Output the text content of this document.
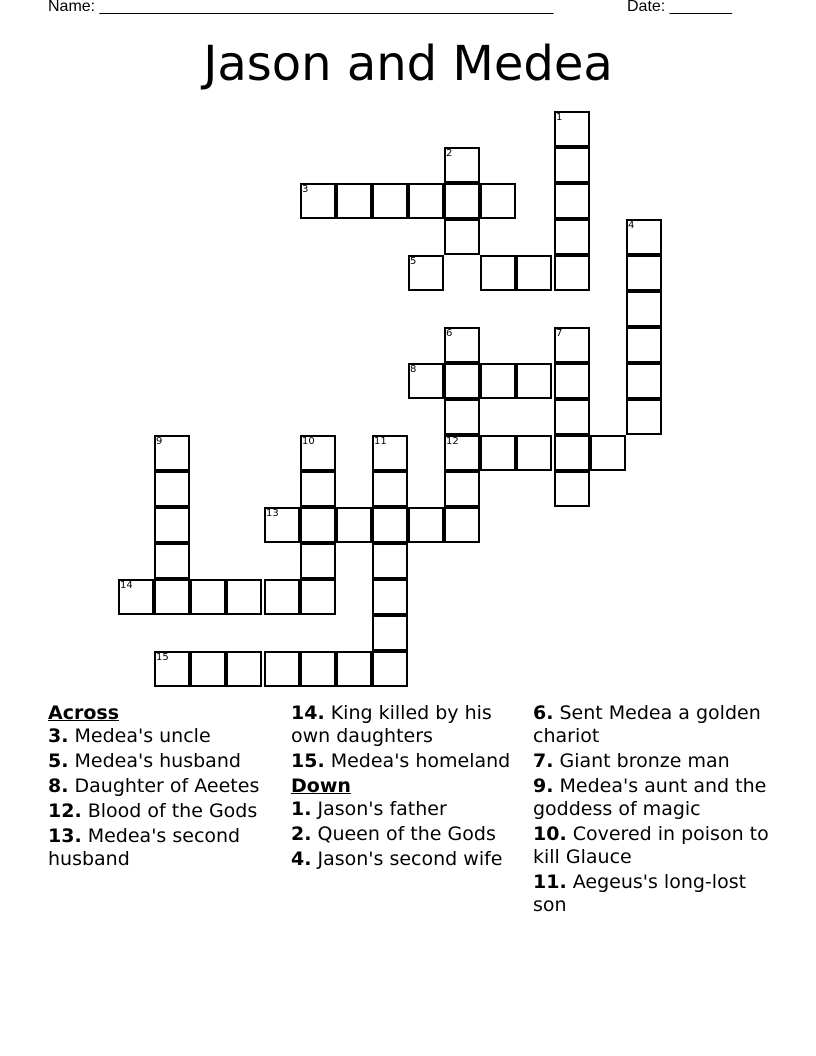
Name: ___________________________________________________	Date: _______
Jason and Medea
1
2
3
4
5
6	7
8
9	10	11	12
13
14
15
Across
3. Medea's uncle
5. Medea's husband
8. Daughter of Aeetes
12. Blood of the Gods
13. Medea's second husband
14. King killed by his own daughters
15. Medea's homeland
Down
1. Jason's father
2. Queen of the Gods
4. Jason's second wife
6. Sent Medea a golden chariot
7. Giant bronze man
9. Medea's aunt and the goddess of magic
10. Covered in poison to kill Glauce
11. Aegeus's long-lost son
